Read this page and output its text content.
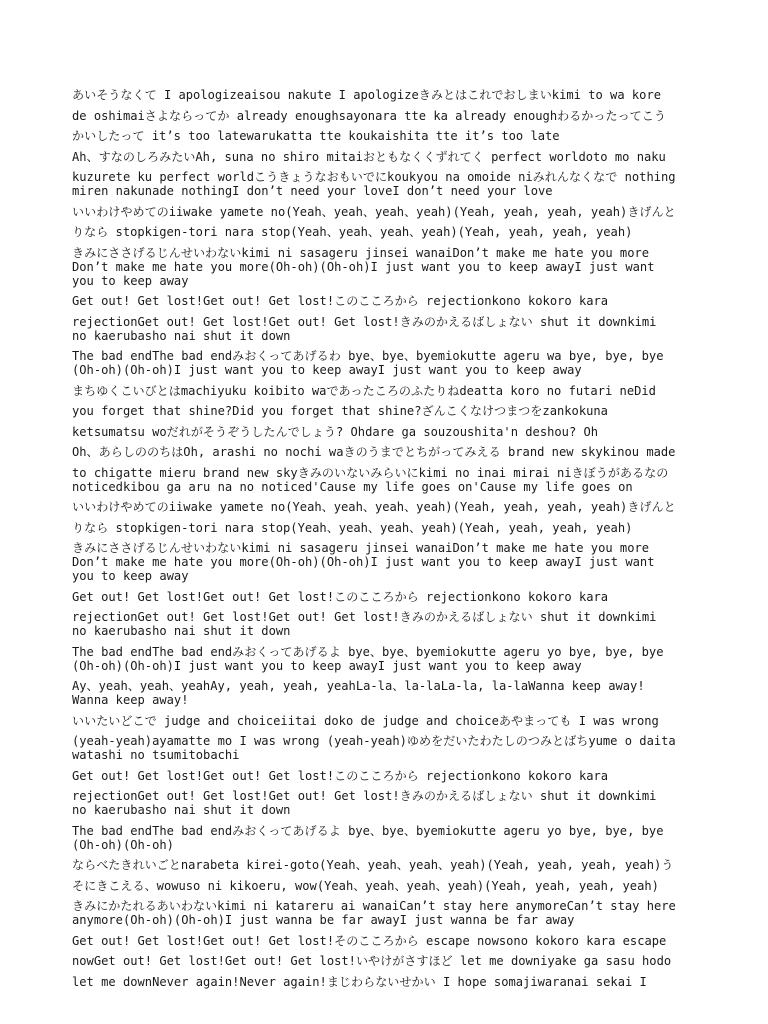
あいそうなくて I apologizeaisou nakute I apologizeきみとはこれでおしまいkimi to wa kore
de oshimaiさよならってか already enoughsayonara tte ka already enoughわるかったってこう
かいしたって it’s too latewarukatta tte koukaishita tte it’s too late
Ah、すなのしろみたいAh, suna no shiro mitaiおともなくくずれてく perfect worldoto mo naku
kuzurete ku perfect worldこうきょうなおもいでにkoukyou na omoide niみれんなくなで nothing
miren nakunade nothingI don’t need your loveI don’t need your love
いいわけやめてのiiwake yamete no(Yeah、yeah、yeah、yeah)(Yeah, yeah, yeah, yeah)きげんと
りなら stopkigen-tori nara stop(Yeah、yeah、yeah、yeah)(Yeah, yeah, yeah, yeah)
きみにささげるじんせいわないkimi ni sasageru jinsei wanaiDon’t make me hate you more
Don’t make me hate you more(Oh-oh)(Oh-oh)I just want you to keep awayI just want
you to keep away
Get out! Get lost!Get out! Get lost!このこころから rejectionkono kokoro kara
rejectionGet out! Get lost!Get out! Get lost!きみのかえるばしょない shut it downkimi
no kaerubasho nai shut it down
The bad endThe bad endみおくってあげるわ bye、bye、byemiokutte ageru wa bye, bye, bye
(Oh-oh)(Oh-oh)I just want you to keep awayI just want you to keep away
まちゆくこいびとはmachiyuku koibito waであったころのふたりねdeatta koro no futari neDid
you forget that shine?Did you forget that shine?ざんこくなけつまつをzankokuna
ketsumatsu woだれがそうぞうしたんでしょう? Ohdare ga souzoushita'n deshou? Oh
Oh、あらしののちはOh, arashi no nochi waきのうまでとちがってみえる brand new skykinou made
to chigatte mieru brand new skyきみのいないみらいにkimi no inai mirai niきぼうがあるなの
noticedkibou ga aru na no noticed'Cause my life goes on'Cause my life goes on
いいわけやめてのiiwake yamete no(Yeah、yeah、yeah、yeah)(Yeah, yeah, yeah, yeah)きげんと
りなら stopkigen-tori nara stop(Yeah、yeah、yeah、yeah)(Yeah, yeah, yeah, yeah)
きみにささげるじんせいわないkimi ni sasageru jinsei wanaiDon’t make me hate you more
Don’t make me hate you more(Oh-oh)(Oh-oh)I just want you to keep awayI just want
you to keep away
Get out! Get lost!Get out! Get lost!このこころから rejectionkono kokoro kara
rejectionGet out! Get lost!Get out! Get lost!きみのかえるばしょない shut it downkimi
no kaerubasho nai shut it down
The bad endThe bad endみおくってあげるよ bye、bye、byemiokutte ageru yo bye, bye, bye
(Oh-oh)(Oh-oh)I just want you to keep awayI just want you to keep away
Ay、yeah、yeah、yeahAy, yeah, yeah, yeahLa-la、la-laLa-la, la-laWanna keep away!
Wanna keep away!
いいたいどこで judge and choiceiitai doko de judge and choiceあやまっても I was wrong
(yeah-yeah)ayamatte mo I was wrong (yeah-yeah)ゆめをだいたわたしのつみとばちyume o daita
watashi no tsumitobachi
Get out! Get lost!Get out! Get lost!このこころから rejectionkono kokoro kara
rejectionGet out! Get lost!Get out! Get lost!きみのかえるばしょない shut it downkimi
no kaerubasho nai shut it down
The bad endThe bad endみおくってあげるよ bye、bye、byemiokutte ageru yo bye, bye, bye
(Oh-oh)(Oh-oh)
ならべたきれいごとnarabeta kirei-goto(Yeah、yeah、yeah、yeah)(Yeah, yeah, yeah, yeah)う
そにきこえる、wowuso ni kikoeru, wow(Yeah、yeah、yeah、yeah)(Yeah, yeah, yeah, yeah)
きみにかたれるあいわないkimi ni katareru ai wanaiCan’t stay here anymoreCan’t stay here
anymore(Oh-oh)(Oh-oh)I just wanna be far awayI just wanna be far away
Get out! Get lost!Get out! Get lost!そのこころから escape nowsono kokoro kara escape
nowGet out! Get lost!Get out! Get lost!いやけがさすほど let me downiyake ga sasu hodo
let me downNever again!Never again!まじわらないせかい I hope somajiwaranai sekai I
